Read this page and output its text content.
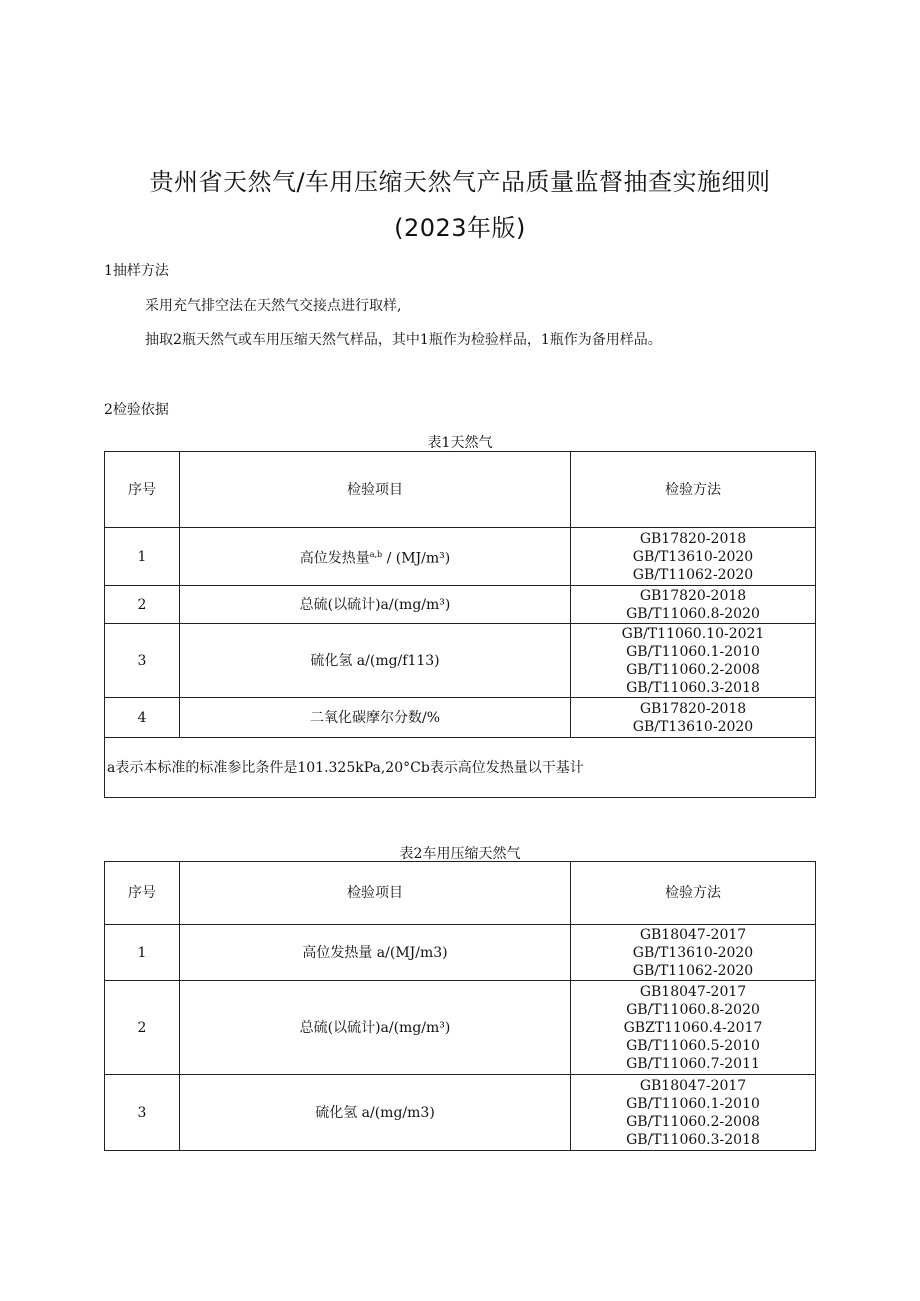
贵州省天然气/车用压缩天然气产品质量监督抽查实施细则
(2023年版)
1抽样方法
采用充气排空法在天然气交接点进行取样,
抽取2瓶天然气或车用压缩天然气样品，其中1瓶作为检验样品，1瓶作为备用样品。
2检验依据
表1天然气
序号	检验项目	检验方法
1	高位发热量$^{a,b}$ / (MJ/m³)	GB17820-2018
GB/T13610-2020
GB/T11062-2020

2	总硫(以硫计)a/(mg/m³)	GB17820-2018
GB/T11060.8-2020

3	硫化氢 a/(mg/f113)	GB/T11060.10-2021
GB/T11060.1-2010
GB/T11060.2-2008
GB/T11060.3-2018

4	二氧化碳摩尔分数/%	GB17820-2018
GB/T13610-2020

a表示本标准的标准参比条件是101.325kPa,20°Cb表示高位发热量以干基计		
表2车用压缩天然气
序号	检验项目	检验方法
1	高位发热量 a/(MJ/m3)	GB18047-2017
GB/T13610-2020
GB/T11062-2020

2	总硫(以硫计)a/(mg/m³)	GB18047-2017
GB/T11060.8-2020
GBZT11060.4-2017
GB/T11060.5-2010
GB/T11060.7-2011

3	硫化氢 a/(mg/m3)	GB18047-2017
GB/T11060.1-2010
GB/T11060.2-2008
GB/T11060.3-2018
